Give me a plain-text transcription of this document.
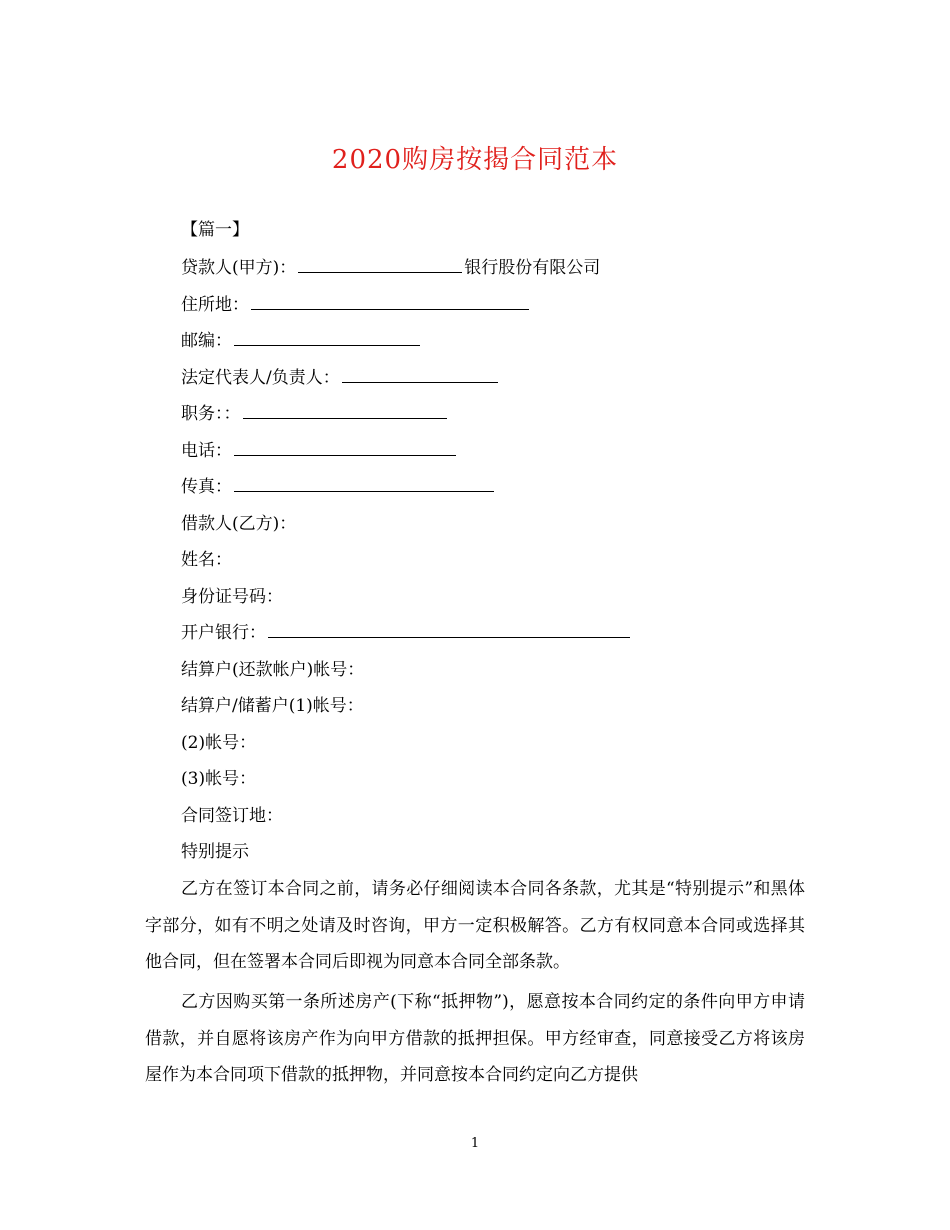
2020购房按揭合同范本
【篇一】
贷款人(甲方)：	银行股份有限公司
住所地：
邮编：
法定代表人/负责人：
职务：：
电话：
传真：
借款人(乙方)：
姓名：
身份证号码：
开户银行：
结算户(还款帐户)帐号：
结算户/储蓄户(1)帐号：
(2)帐号：
(3)帐号：
合同签订地：
特别提示
乙方在签订本合同之前，请务必仔细阅读本合同各条款，尤其是“特别提示”和黑体字部分，如有不明之处请及时咨询，甲方一定积极解答。乙方有权同意本合同或选择其他合同，但在签署本合同后即视为同意本合同全部条款。
乙方因购买第一条所述房产(下称“抵押物”)，愿意按本合同约定的条件向甲方申请借款，并自愿将该房产作为向甲方借款的抵押担保。甲方经审查，同意接受乙方将该房屋作为本合同项下借款的抵押物，并同意按本合同约定向乙方提供
1
